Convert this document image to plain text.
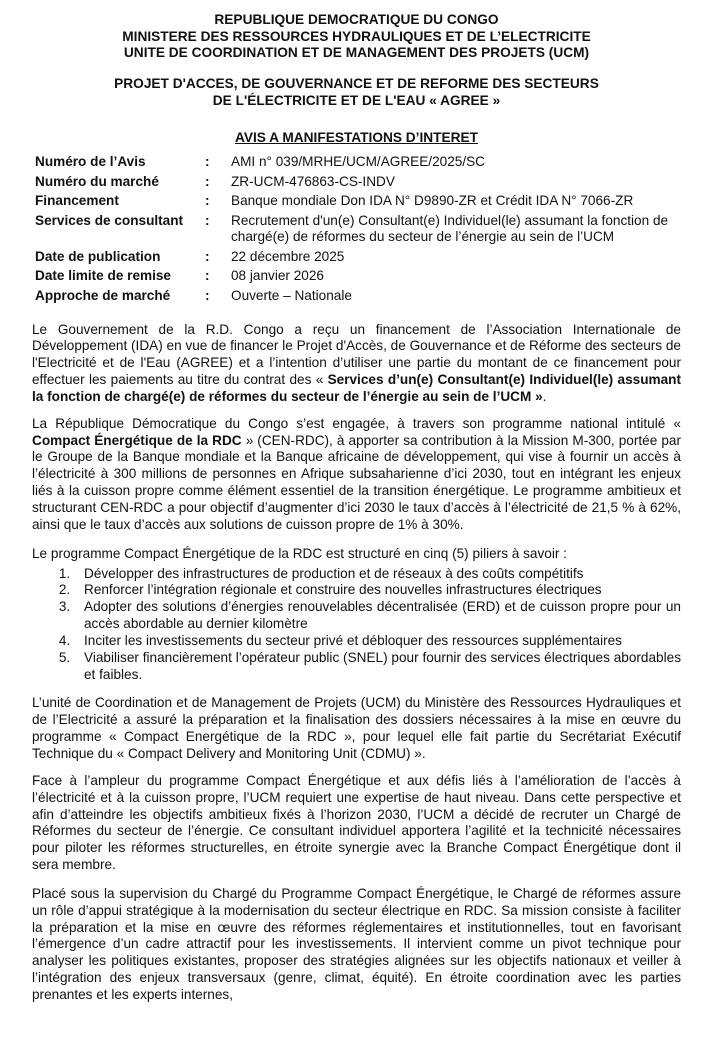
REPUBLIQUE DEMOCRATIQUE DU CONGO
MINISTERE DES RESSOURCES HYDRAULIQUES ET DE L’ELECTRICITE
UNITE DE COORDINATION ET DE MANAGEMENT DES PROJETS (UCM)
PROJET D'ACCES, DE GOUVERNANCE ET DE REFORME DES SECTEURS
DE L'ÉLECTRICITE ET DE L'EAU « AGREE »
AVIS A MANIFESTATIONS D’INTERET
Numéro de l’Avis	:	AMI n° 039/MRHE/UCM/AGREE/2025/SC
Numéro du marché	:	ZR-UCM-476863-CS-INDV
Financement	:	Banque mondiale Don IDA N° D9890-ZR et Crédit IDA N° 7066-ZR
Services de consultant	:	Recrutement d'un(e) Consultant(e) Individuel(le) assumant la fonction de chargé(e) de réformes du secteur de l’énergie au sein de l’UCM
Date de publication	:	22 décembre 2025
Date limite de remise	:	08 janvier 2026
Approche de marché	:	Ouverte – Nationale

Le Gouvernement de la R.D. Congo a reçu un financement de l’Association Internationale de Développement (IDA) en vue de financer le Projet d'Accès, de Gouvernance et de Réforme des secteurs de l'Electricité et de l'Eau (AGREE) et a l’intention d’utiliser une partie du montant de ce financement pour effectuer les paiements au titre du contrat des « Services d’un(e) Consultant(e) Individuel(le) assumant la fonction de chargé(e) de réformes du secteur de l’énergie au sein de l’UCM ».

La République Démocratique du Congo s’est engagée, à travers son programme national intitulé « Compact Énergétique de la RDC » (CEN-RDC), à apporter sa contribution à la Mission M-300, portée par le Groupe de la Banque mondiale et la Banque africaine de développement, qui vise à fournir un accès à l’électricité à 300 millions de personnes en Afrique subsaharienne d’ici 2030, tout en intégrant les enjeux liés à la cuisson propre comme élément essentiel de la transition énergétique. Le programme ambitieux et structurant CEN-RDC a pour objectif d’augmenter d’ici 2030 le taux d’accès à l’électricité de 21,5 % à 62%, ainsi que le taux d’accès aux solutions de cuisson propre de 1% à 30%.

Le programme Compact Énergétique de la RDC est structuré en cinq (5) piliers à savoir :

1. Développer des infrastructures de production et de réseaux à des coûts compétitifs
2. Renforcer l’intégration régionale et construire des nouvelles infrastructures électriques
3. Adopter des solutions d’énergies renouvelables décentralisée (ERD) et de cuisson propre pour un accès abordable au dernier kilomètre
4. Inciter les investissements du secteur privé et débloquer des ressources supplémentaires
5. Viabiliser financièrement l’opérateur public (SNEL) pour fournir des services électriques abordables et faibles.

L’unité de Coordination et de Management de Projets (UCM) du Ministère des Ressources Hydrauliques et de l’Electricité a assuré la préparation et la finalisation des dossiers nécessaires à la mise en œuvre du programme « Compact Energétique de la RDC », pour lequel elle fait partie du Secrétariat Exécutif Technique du « Compact Delivery and Monitoring Unit (CDMU) ».

Face à l’ampleur du programme Compact Énergétique et aux défis liés à l’amélioration de l’accès à l’électricité et à la cuisson propre, l’UCM requiert une expertise de haut niveau. Dans cette perspective et afin d’atteindre les objectifs ambitieux fixés à l’horizon 2030, l’UCM a décidé de recruter un Chargé de Réformes du secteur de l’énergie. Ce consultant individuel apportera l’agilité et la technicité nécessaires pour piloter les réformes structurelles, en étroite synergie avec la Branche Compact Énergétique dont il sera membre.

Placé sous la supervision du Chargé du Programme Compact Énergétique, le Chargé de réformes assure un rôle d’appui stratégique à la modernisation du secteur électrique en RDC. Sa mission consiste à faciliter la préparation et la mise en œuvre des réformes réglementaires et institutionnelles, tout en favorisant l’émergence d’un cadre attractif pour les investissements. Il intervient comme un pivot technique pour analyser les politiques existantes, proposer des stratégies alignées sur les objectifs nationaux et veiller à l’intégration des enjeux transversaux (genre, climat, équité). En étroite coordination avec les parties prenantes et les experts internes,
